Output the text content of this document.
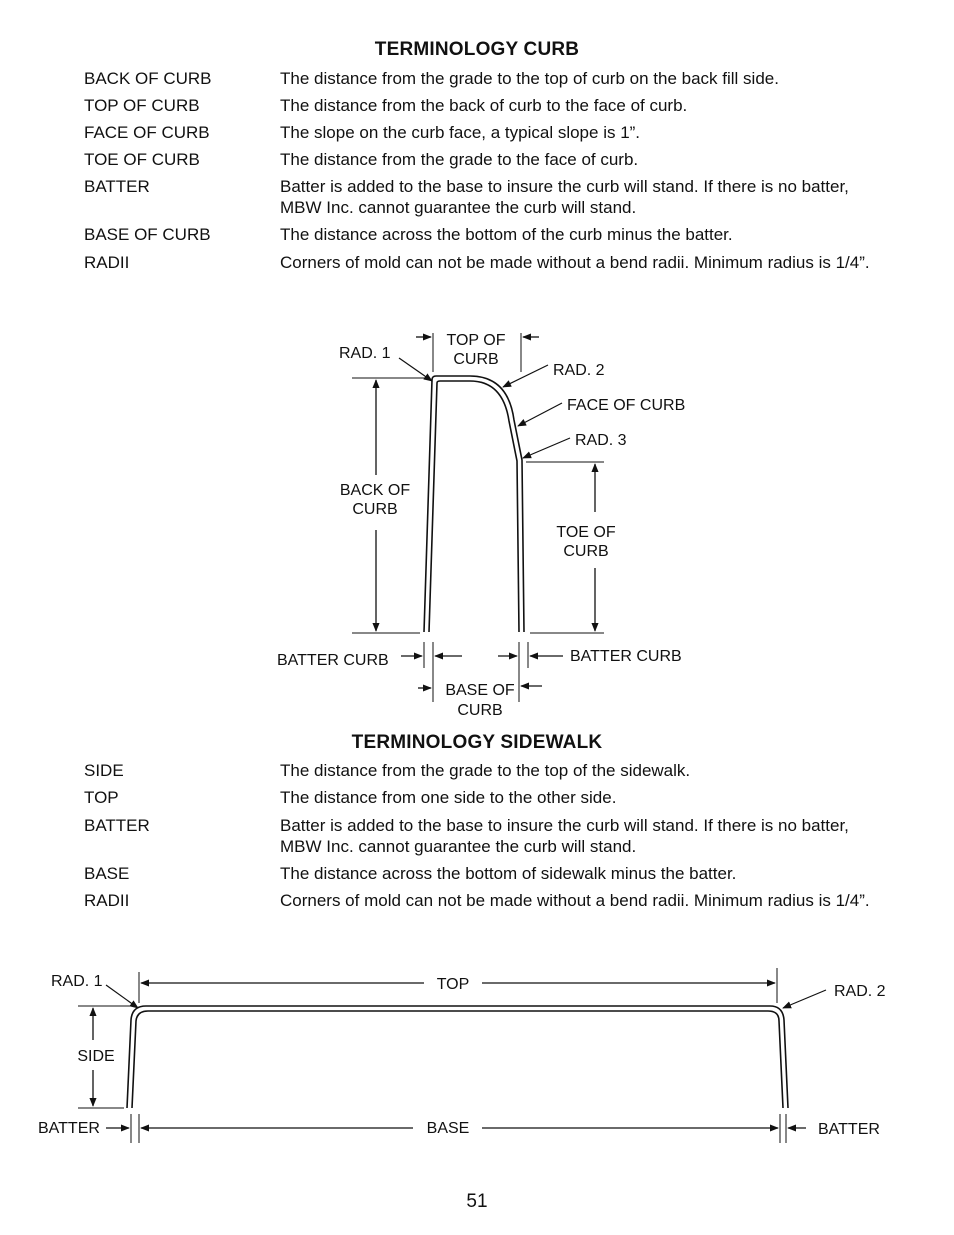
TERMINOLOGY CURB
BACK OF CURB	The distance from the grade to the top of curb on the back fill side.
TOP OF CURB	The distance from the back of curb to the face of curb.
FACE OF CURB	The slope on the curb face, a typical slope is 1”.
TOE OF CURB	The distance from the grade to the face of curb.
BATTER	Batter is added to the base to insure the curb will stand. If there is no batter, MBW Inc. cannot guarantee the curb will stand.
BASE OF CURB	The distance across the bottom of the curb minus the batter.
RADII	Corners of mold can not be made without a bend radii. Minimum radius is 1/4”.
TERMINOLOGY SIDEWALK
SIDE	The distance from the grade to the top of the sidewalk.
TOP	The distance from one side to the other side.
BATTER	Batter is added to the base to insure the curb will stand. If there is no batter, MBW Inc. cannot guarantee the curb will stand.
BASE	The distance across the bottom of sidewalk minus the batter.
RADII	Corners of mold can not be made without a bend radii. Minimum radius is 1/4”.
RAD. 1
TOP OF
CURB
RAD. 2
FACE OF CURB
RAD. 3
BACK OF
CURB
TOE OF
CURB
BATTER CURB	BATTER CURB
BASE OF
CURB
RAD. 1	TOP	RAD. 2
SIDE
BATTER	BASE	BATTER
51
